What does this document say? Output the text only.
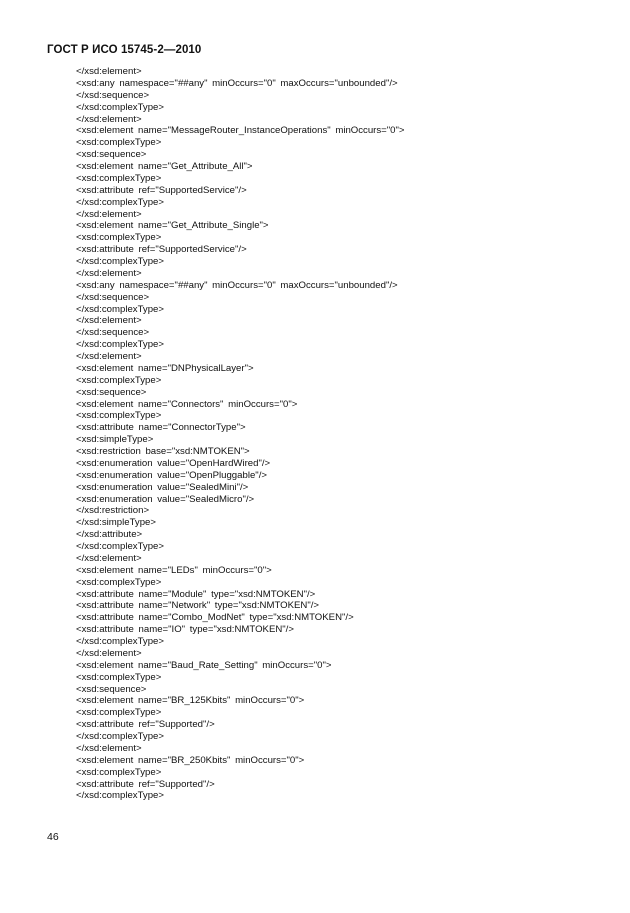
ГОСТ Р ИСО 15745-2—2010
</xsd:element>
<xsd:any namespace="##any" minOccurs="0" maxOccurs="unbounded"/>
</xsd:sequence>
</xsd:complexType>
</xsd:element>
<xsd:element name="MessageRouter_InstanceOperations" minOccurs="0">
<xsd:complexType>
<xsd:sequence>
<xsd:element name="Get_Attribute_All">
<xsd:complexType>
<xsd:attribute ref="SupportedService"/>
</xsd:complexType>
</xsd:element>
<xsd:element name="Get_Attribute_Single">
<xsd:complexType>
<xsd:attribute ref="SupportedService"/>
</xsd:complexType>
</xsd:element>
<xsd:any namespace="##any" minOccurs="0" maxOccurs="unbounded"/>
</xsd:sequence>
</xsd:complexType>
</xsd:element>
</xsd:sequence>
</xsd:complexType>
</xsd:element>
<xsd:element name="DNPhysicalLayer">
<xsd:complexType>
<xsd:sequence>
<xsd:element name="Connectors" minOccurs="0">
<xsd:complexType>
<xsd:attribute name="ConnectorType">
<xsd:simpleType>
<xsd:restriction base="xsd:NMTOKEN">
<xsd:enumeration value="OpenHardWired"/>
<xsd:enumeration value="OpenPluggable"/>
<xsd:enumeration value="SealedMini"/>
<xsd:enumeration value="SealedMicro"/>
</xsd:restriction>
</xsd:simpleType>
</xsd:attribute>
</xsd:complexType>
</xsd:element>
<xsd:element name="LEDs" minOccurs="0">
<xsd:complexType>
<xsd:attribute name="Module" type="xsd:NMTOKEN"/>
<xsd:attribute name="Network" type="xsd:NMTOKEN"/>
<xsd:attribute name="Combo_ModNet" type="xsd:NMTOKEN"/>
<xsd:attribute name="IO" type="xsd:NMTOKEN"/>
</xsd:complexType>
</xsd:element>
<xsd:element name="Baud_Rate_Setting" minOccurs="0">
<xsd:complexType>
<xsd:sequence>
<xsd:element name="BR_125Kbits" minOccurs="0">
<xsd:complexType>
<xsd:attribute ref="Supported"/>
</xsd:complexType>
</xsd:element>
<xsd:element name="BR_250Kbits" minOccurs="0">
<xsd:complexType>
<xsd:attribute ref="Supported"/>
</xsd:complexType>
46
